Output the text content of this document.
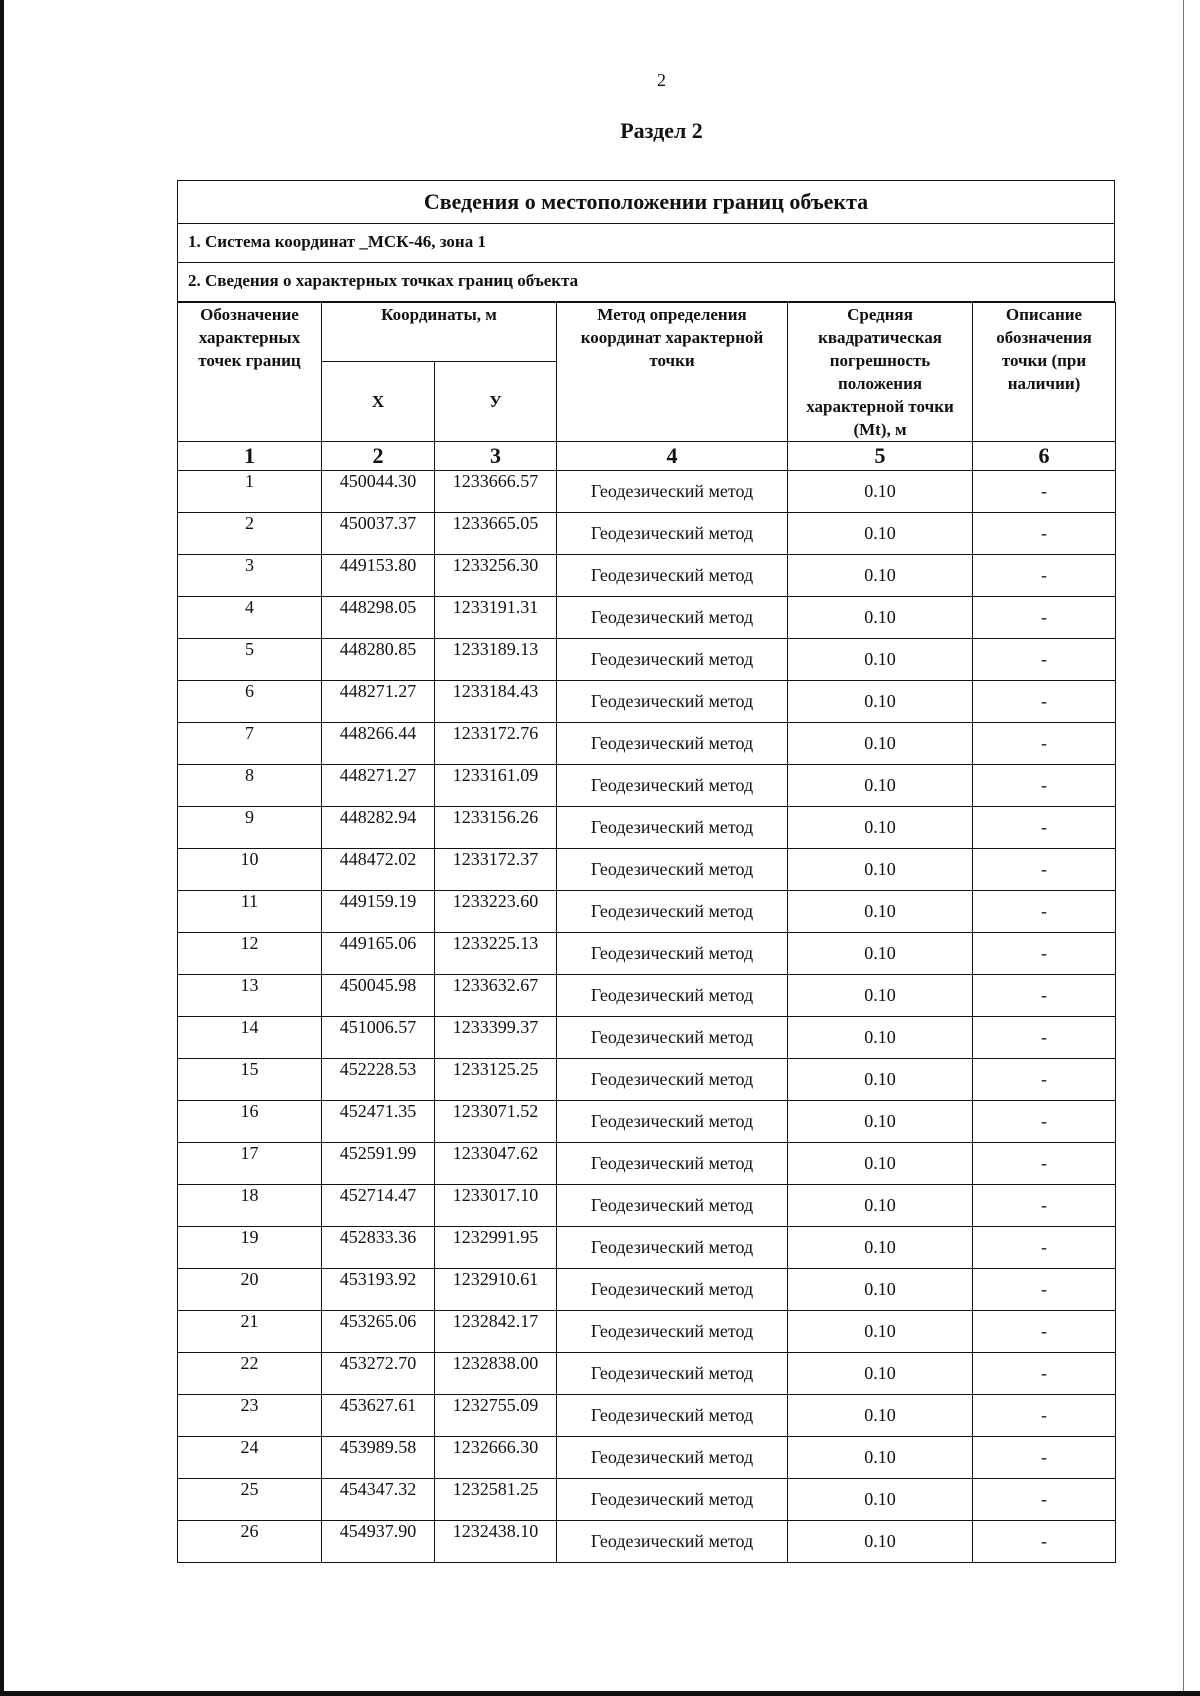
2
Раздел 2
Сведения о местоположении границ объекта
1. Система координат _МСК-46, зона 1
2. Сведения о характерных точках границ объекта
Обозначение характерных точек границ	Координаты, м		Метод определения координат характерной точки	Средняя квадратическая погрешность положения характерной точки (Mt), м	Описание обозначения точки (при наличии)
	Х	У			
1	2	3	4	5	6
1	450044.30	1233666.57	Геодезический метод	0.10	-
2	450037.37	1233665.05	Геодезический метод	0.10	-
3	449153.80	1233256.30	Геодезический метод	0.10	-
4	448298.05	1233191.31	Геодезический метод	0.10	-
5	448280.85	1233189.13	Геодезический метод	0.10	-
6	448271.27	1233184.43	Геодезический метод	0.10	-
7	448266.44	1233172.76	Геодезический метод	0.10	-
8	448271.27	1233161.09	Геодезический метод	0.10	-
9	448282.94	1233156.26	Геодезический метод	0.10	-
10	448472.02	1233172.37	Геодезический метод	0.10	-
11	449159.19	1233223.60	Геодезический метод	0.10	-
12	449165.06	1233225.13	Геодезический метод	0.10	-
13	450045.98	1233632.67	Геодезический метод	0.10	-
14	451006.57	1233399.37	Геодезический метод	0.10	-
15	452228.53	1233125.25	Геодезический метод	0.10	-
16	452471.35	1233071.52	Геодезический метод	0.10	-
17	452591.99	1233047.62	Геодезический метод	0.10	-
18	452714.47	1233017.10	Геодезический метод	0.10	-
19	452833.36	1232991.95	Геодезический метод	0.10	-
20	453193.92	1232910.61	Геодезический метод	0.10	-
21	453265.06	1232842.17	Геодезический метод	0.10	-
22	453272.70	1232838.00	Геодезический метод	0.10	-
23	453627.61	1232755.09	Геодезический метод	0.10	-
24	453989.58	1232666.30	Геодезический метод	0.10	-
25	454347.32	1232581.25	Геодезический метод	0.10	-
26	454937.90	1232438.10	Геодезический метод	0.10	-
